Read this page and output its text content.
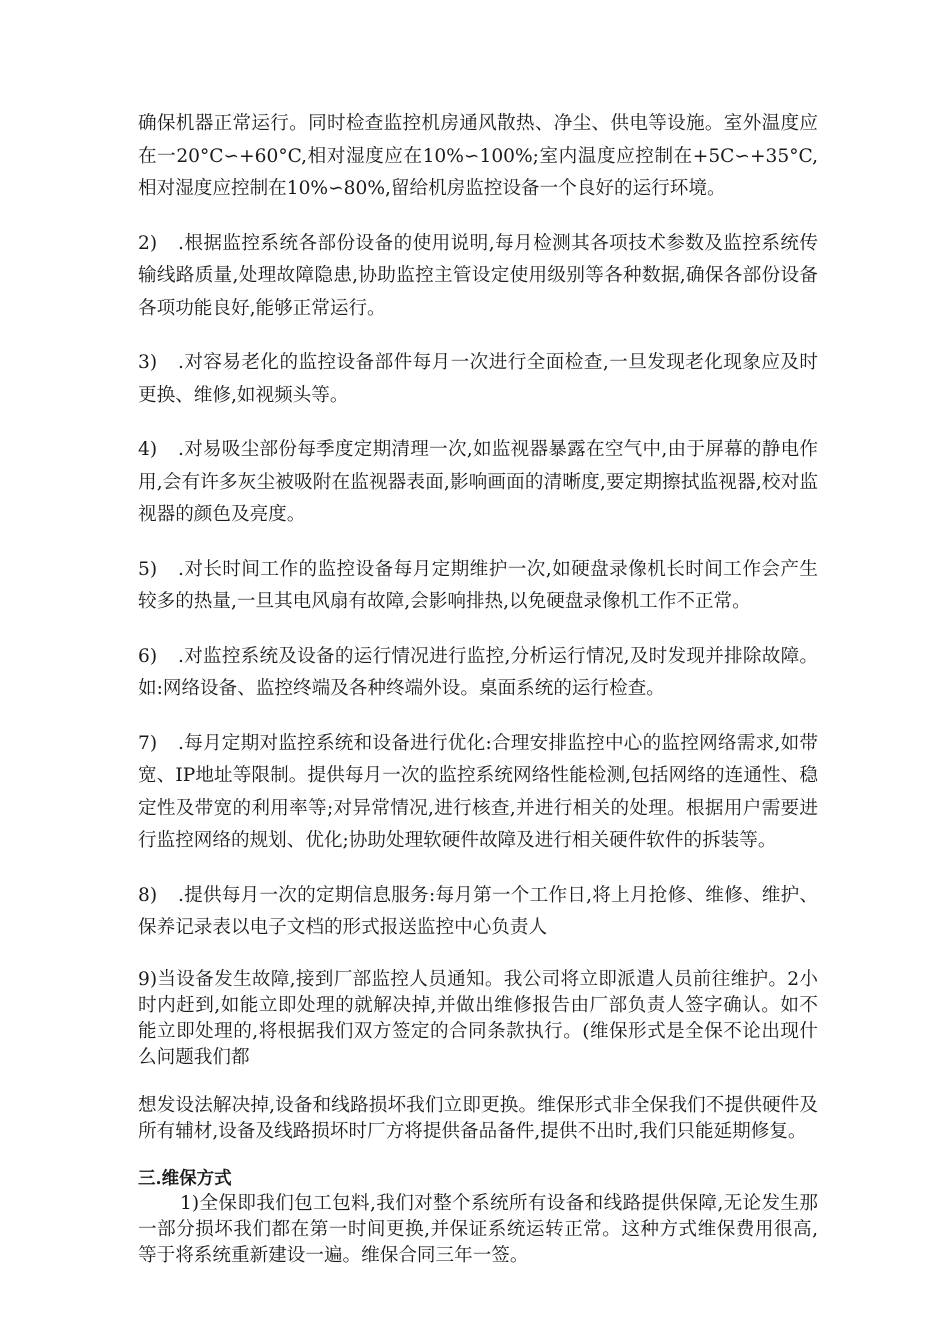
确保机器正常运行。同时检查监控机房通风散热、净尘、供电等设施。室外温度应在一20°C∽+60°C,相对湿度应在10%∽100%;室内温度应控制在+5C∽+35°C,相对湿度应控制在10%∽80%,留给机房监控设备一个良好的运行环境。

2) .根据监控系统各部份设备的使用说明,每月检测其各项技术参数及监控系统传输线路质量,处理故障隐患,协助监控主管设定使用级别等各种数据,确保各部份设备各项功能良好,能够正常运行。

3) .对容易老化的监控设备部件每月一次进行全面检查,一旦发现老化现象应及时更换、维修,如视频头等。

4) .对易吸尘部份每季度定期清理一次,如监视器暴露在空气中,由于屏幕的静电作用,会有许多灰尘被吸附在监视器表面,影响画面的清晰度,要定期擦拭监视器,校对监视器的颜色及亮度。

5) .对长时间工作的监控设备每月定期维护一次,如硬盘录像机长时间工作会产生较多的热量,一旦其电风扇有故障,会影响排热,以免硬盘录像机工作不正常。

6) .对监控系统及设备的运行情况进行监控,分析运行情况,及时发现并排除故障。如:网络设备、监控终端及各种终端外设。桌面系统的运行检查。

7) .每月定期对监控系统和设备进行优化:合理安排监控中心的监控网络需求,如带宽、IP地址等限制。提供每月一次的监控系统网络性能检测,包括网络的连通性、稳定性及带宽的利用率等;对异常情况,进行核查,并进行相关的处理。根据用户需要进行监控网络的规划、优化;协助处理软硬件故障及进行相关硬件软件的拆装等。

8) .提供每月一次的定期信息服务:每月第一个工作日,将上月抢修、维修、维护、保养记录表以电子文档的形式报送监控中心负责人

9)当设备发生故障,接到厂部监控人员通知。我公司将立即派遣人员前往维护。2小时内赶到,如能立即处理的就解决掉,并做出维修报告由厂部负责人签字确认。如不能立即处理的,将根据我们双方签定的合同条款执行。(维保形式是全保不论出现什么问题我们都

想发设法解决掉,设备和线路损坏我们立即更换。维保形式非全保我们不提供硬件及所有辅材,设备及线路损坏时厂方将提供备品备件,提供不出时,我们只能延期修复。

三.维保方式

1)全保即我们包工包料,我们对整个系统所有设备和线路提供保障,无论发生那一部分损坏我们都在第一时间更换,并保证系统运转正常。这种方式维保费用很高,等于将系统重新建设一遍。维保合同三年一签。
